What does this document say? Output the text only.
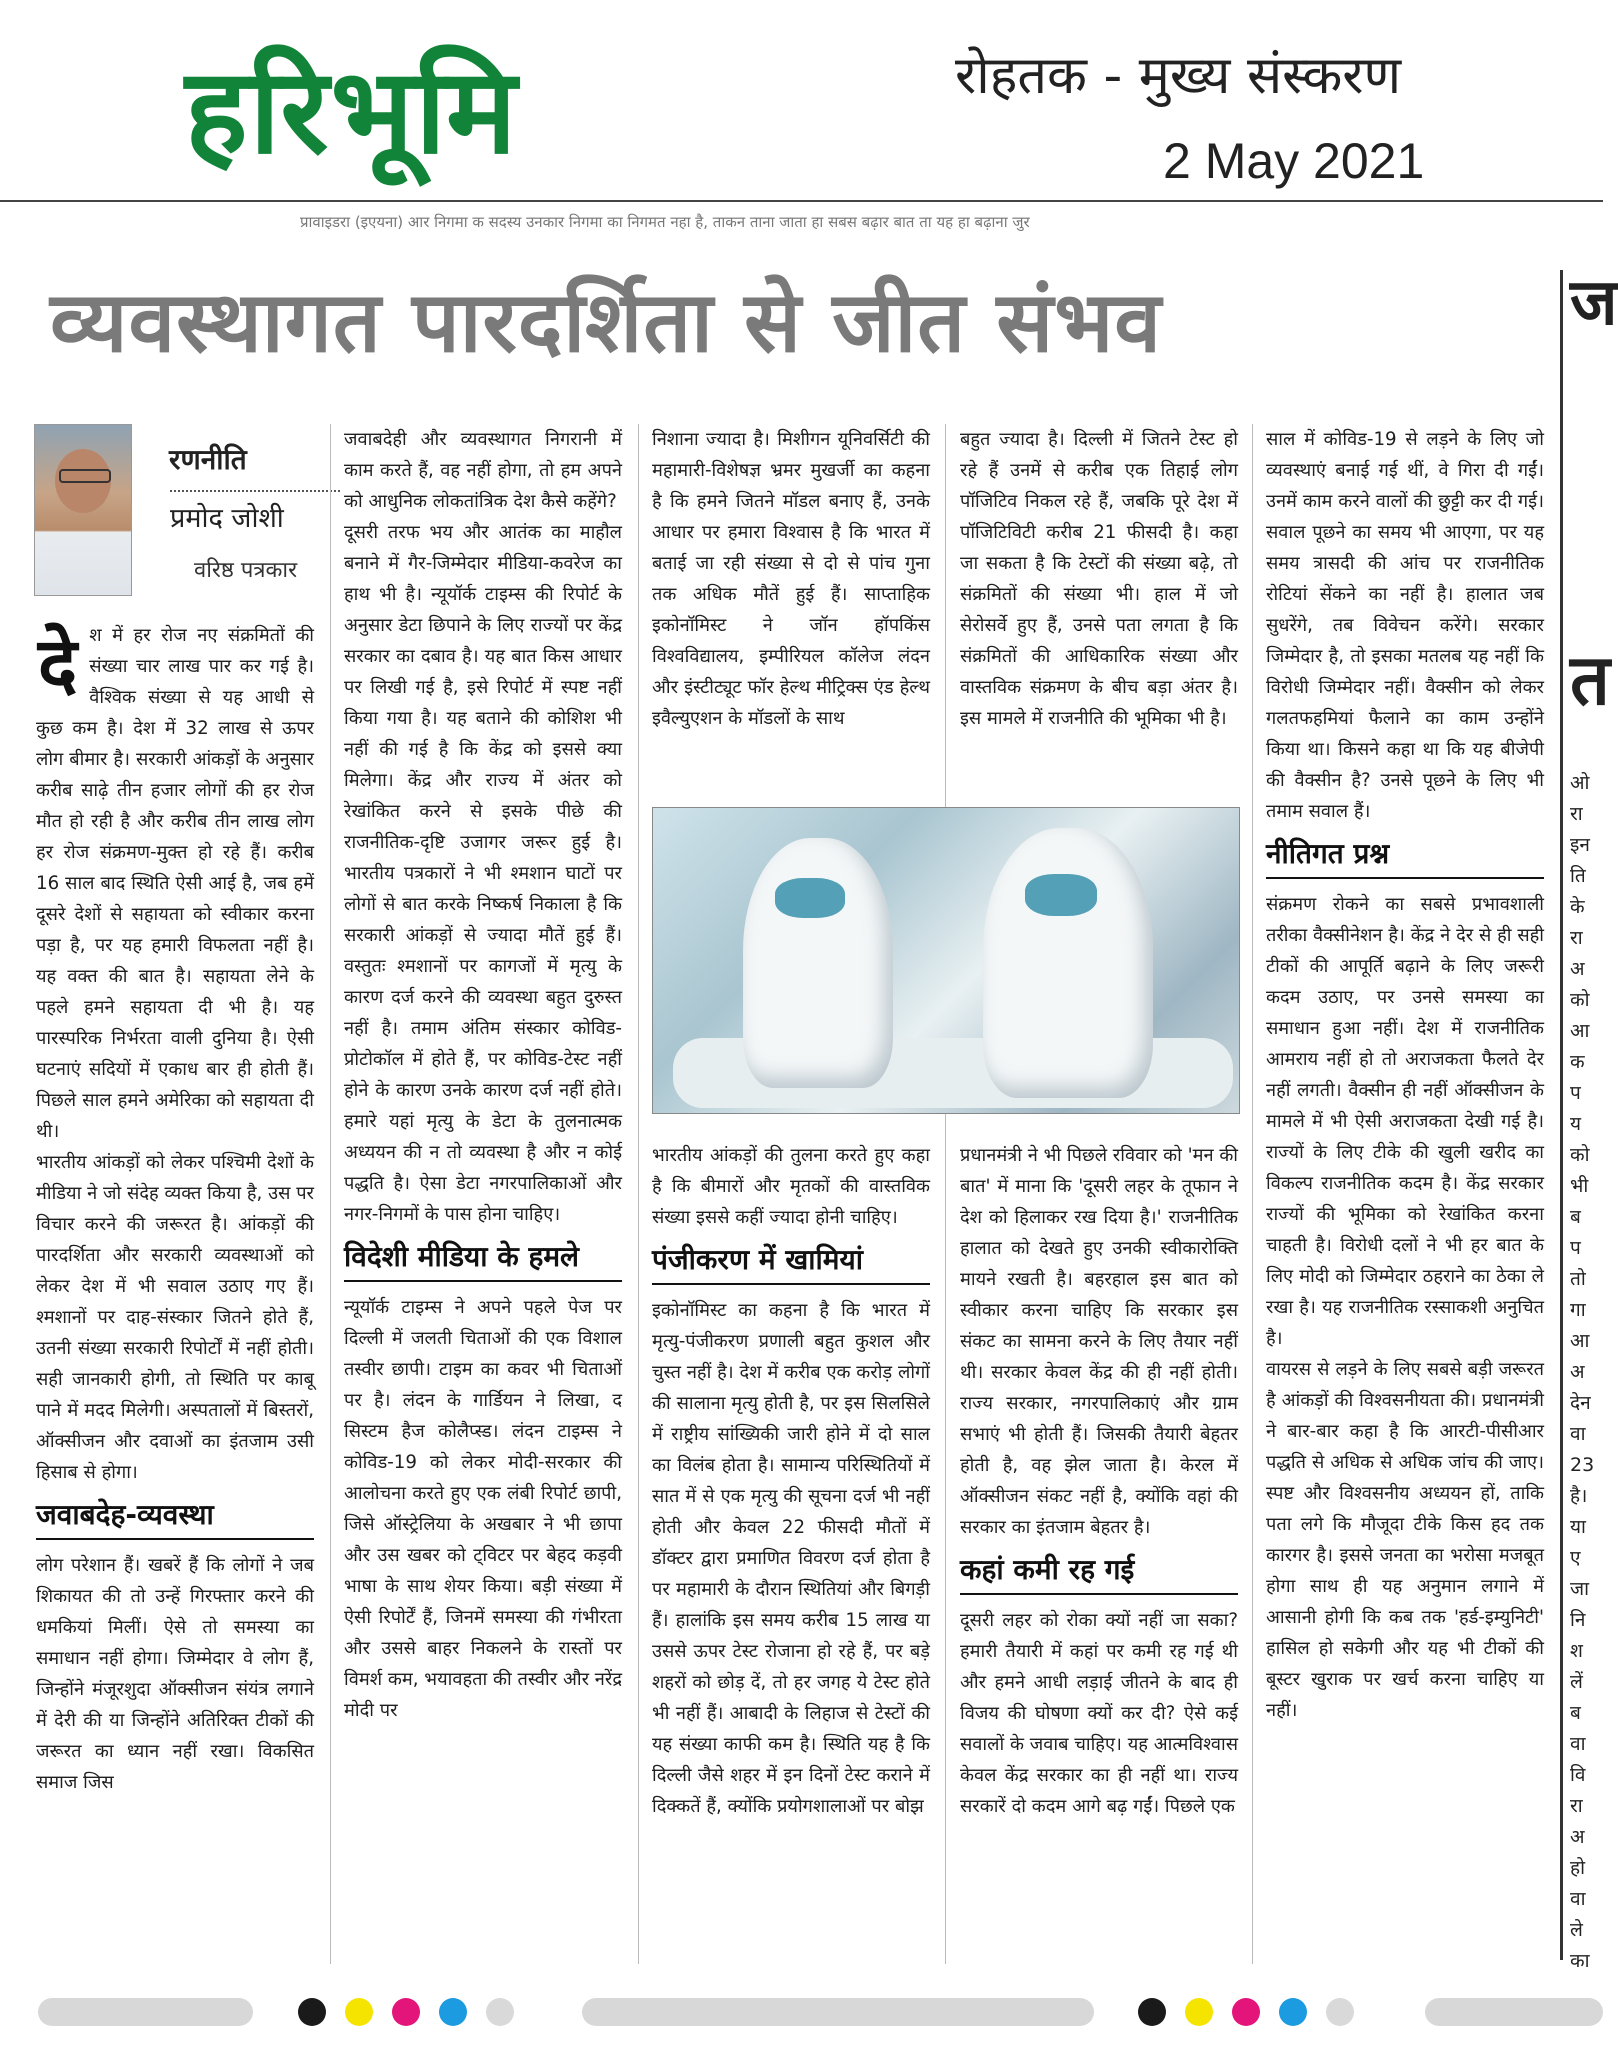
हरिभूमि	रोहतक - मुख्य संस्करण
2 May 2021
प्रावाइडरा (इएयना) आर निगमा क सदस्य उनकार निगमा का निगमत नहा है, ताकन ताना जाता हा सबस बढ़ार बात ता यह हा बढ़ाना जुर
व्यवस्थागत पारदर्शिता से जीत संभव
रणनीति
प्रमोद जोशी
वरिष्ठ पत्रकार

देश में हर रोज नए संक्रमितों की संख्या चार लाख पार कर गई है। वैश्विक संख्या से यह आधी से कुछ कम है। देश में 32 लाख से ऊपर लोग बीमार है। सरकारी आंकड़ों के अनुसार करीब साढ़े तीन हजार लोगों की हर रोज मौत हो रही है और करीब तीन लाख लोग हर रोज संक्रमण-मुक्त हो रहे हैं। करीब 16 साल बाद स्थिति ऐसी आई है, जब हमें दूसरे देशों से सहायता को स्वीकार करना पड़ा है, पर यह हमारी विफलता नहीं है। यह वक्त की बात है। सहायता लेने के पहले हमने सहायता दी भी है। यह पारस्परिक निर्भरता वाली दुनिया है। ऐसी घटनाएं सदियों में एकाध बार ही होती हैं। पिछले साल हमने अमेरिका को सहायता दी थी।

भारतीय आंकड़ों को लेकर पश्चिमी देशों के मीडिया ने जो संदेह व्यक्त किया है, उस पर विचार करने की जरूरत है। आंकड़ों की पारदर्शिता और सरकारी व्यवस्थाओं को लेकर देश में भी सवाल उठाए गए हैं। श्मशानों पर दाह-संस्कार जितने होते हैं, उतनी संख्या सरकारी रिपोर्टों में नहीं होती। सही जानकारी होगी, तो स्थिति पर काबू पाने में मदद मिलेगी। अस्पतालों में बिस्तरों, ऑक्सीजन और दवाओं का इंतजाम उसी हिसाब से होगा।

जवाबदेह-व्यवस्था

लोग परेशान हैं। खबरें हैं कि लोगों ने जब शिकायत की तो उन्हें गिरफ्तार करने की धमकियां मिलीं। ऐसे तो समस्या का समाधान नहीं होगा। जिम्मेदार वे लोग हैं, जिन्होंने मंजूरशुदा ऑक्सीजन संयंत्र लगाने में देरी की या जिन्होंने अतिरिक्त टीकों की जरूरत का ध्यान नहीं रखा। विकसित समाज जिस

जवाबदेही और व्यवस्थागत निगरानी में काम करते हैं, वह नहीं होगा, तो हम अपने को आधुनिक लोकतांत्रिक देश कैसे कहेंगे?

दूसरी तरफ भय और आतंक का माहौल बनाने में गैर-जिम्मेदार मीडिया-कवरेज का हाथ भी है। न्यूयॉर्क टाइम्स की रिपोर्ट के अनुसार डेटा छिपाने के लिए राज्यों पर केंद्र सरकार का दबाव है। यह बात किस आधार पर लिखी गई है, इसे रिपोर्ट में स्पष्ट नहीं किया गया है। यह बताने की कोशिश भी नहीं की गई है कि केंद्र को इससे क्या मिलेगा। केंद्र और राज्य में अंतर को रेखांकित करने से इसके पीछे की राजनीतिक-दृष्टि उजागर जरूर हुई है। भारतीय पत्रकारों ने भी श्मशान घाटों पर लोगों से बात करके निष्कर्ष निकाला है कि सरकारी आंकड़ों से ज्यादा मौतें हुई हैं। वस्तुतः श्मशानों पर कागजों में मृत्यु के कारण दर्ज करने की व्यवस्था बहुत दुरुस्त नहीं है। तमाम अंतिम संस्कार कोविड-प्रोटोकॉल में होते हैं, पर कोविड-टेस्ट नहीं होने के कारण उनके कारण दर्ज नहीं होते। हमारे यहां मृत्यु के डेटा के तुलनात्मक अध्ययन की न तो व्यवस्था है और न कोई पद्धति है। ऐसा डेटा नगरपालिकाओं और नगर-निगमों के पास होना चाहिए।

विदेशी मीडिया के हमले

न्यूयॉर्क टाइम्स ने अपने पहले पेज पर दिल्ली में जलती चिताओं की एक विशाल तस्वीर छापी। टाइम का कवर भी चिताओं पर है। लंदन के गार्डियन ने लिखा, द सिस्टम हैज कोलैप्स्ड। लंदन टाइम्स ने कोविड-19 को लेकर मोदी-सरकार की आलोचना करते हुए एक लंबी रिपोर्ट छापी, जिसे ऑस्ट्रेलिया के अखबार ने भी छापा और उस खबर को ट्विटर पर बेहद कड़वी भाषा के साथ शेयर किया। बड़ी संख्या में ऐसी रिपोर्टें हैं, जिनमें समस्या की गंभीरता और उससे बाहर निकलने के रास्तों पर विमर्श कम, भयावहता की तस्वीर और नरेंद्र मोदी पर

निशाना ज्यादा है। मिशीगन यूनिवर्सिटी की महामारी-विशेषज्ञ भ्रमर मुखर्जी का कहना है कि हमने जितने मॉडल बनाए हैं, उनके आधार पर हमारा विश्वास है कि भारत में बताई जा रही संख्या से दो से पांच गुना तक अधिक मौतें हुई हैं। साप्ताहिक इकोनॉमिस्ट ने जॉन हॉपकिंस विश्वविद्यालय, इम्पीरियल कॉलेज लंदन और इंस्टीट्यूट फॉर हेल्थ मीट्रिक्स एंड हेल्थ इवैल्युएशन के मॉडलों के साथ

बहुत ज्यादा है। दिल्ली में जितने टेस्ट हो रहे हैं उनमें से करीब एक तिहाई लोग पॉजिटिव निकल रहे हैं, जबकि पूरे देश में पॉजिटिविटी करीब 21 फीसदी है। कहा जा सकता है कि टेस्टों की संख्या बढ़े, तो संक्रमितों की संख्या भी। हाल में जो सेरोसर्वे हुए हैं, उनसे पता लगता है कि संक्रमितों की आधिकारिक संख्या और वास्तविक संक्रमण के बीच बड़ा अंतर है। इस मामले में राजनीति की भूमिका भी है।

भारतीय आंकड़ों की तुलना करते हुए कहा है कि बीमारों और मृतकों की वास्तविक संख्या इससे कहीं ज्यादा होनी चाहिए।

पंजीकरण में खामियां

इकोनॉमिस्ट का कहना है कि भारत में मृत्यु-पंजीकरण प्रणाली बहुत कुशल और चुस्त नहीं है। देश में करीब एक करोड़ लोगों की सालाना मृत्यु होती है, पर इस सिलसिले में राष्ट्रीय सांख्यिकी जारी होने में दो साल का विलंब होता है। सामान्य परिस्थितियों में सात में से एक मृत्यु की सूचना दर्ज भी नहीं होती और केवल 22 फीसदी मौतों में डॉक्टर द्वारा प्रमाणित विवरण दर्ज होता है पर महामारी के दौरान स्थितियां और बिगड़ी हैं। हालांकि इस समय करीब 15 लाख या उससे ऊपर टेस्ट रोजाना हो रहे हैं, पर बड़े शहरों को छोड़ दें, तो हर जगह ये टेस्ट होते भी नहीं हैं। आबादी के लिहाज से टेस्टों की यह संख्या काफी कम है। स्थिति यह है कि दिल्ली जैसे शहर में इन दिनों टेस्ट कराने में दिक्कतें हैं, क्योंकि प्रयोगशालाओं पर बोझ

प्रधानमंत्री ने भी पिछले रविवार को 'मन की बात' में माना कि 'दूसरी लहर के तूफान ने देश को हिलाकर रख दिया है।' राजनीतिक हालात को देखते हुए उनकी स्वीकारोक्ति मायने रखती है। बहरहाल इस बात को स्वीकार करना चाहिए कि सरकार इस संकट का सामना करने के लिए तैयार नहीं थी। सरकार केवल केंद्र की ही नहीं होती। राज्य सरकार, नगरपालिकाएं और ग्राम सभाएं भी होती हैं। जिसकी तैयारी बेहतर होती है, वह झेल जाता है। केरल में ऑक्सीजन संकट नहीं है, क्योंकि वहां की सरकार का इंतजाम बेहतर है।

कहां कमी रह गई

दूसरी लहर को रोका क्यों नहीं जा सका? हमारी तैयारी में कहां पर कमी रह गई थी और हमने आधी लड़ाई जीतने के बाद ही विजय की घोषणा क्यों कर दी? ऐसे कई सवालों के जवाब चाहिए। यह आत्मविश्वास केवल केंद्र सरकार का ही नहीं था। राज्य सरकारें दो कदम आगे बढ़ गईं। पिछले एक

साल में कोविड-19 से लड़ने के लिए जो व्यवस्थाएं बनाई गई थीं, वे गिरा दी गईं। उनमें काम करने वालों की छुट्टी कर दी गई। सवाल पूछने का समय भी आएगा, पर यह समय त्रासदी की आंच पर राजनीतिक रोटियां सेंकने का नहीं है। हालात जब सुधरेंगे, तब विवेचन करेंगे। सरकार जिम्मेदार है, तो इसका मतलब यह नहीं कि विरोधी जिम्मेदार नहीं। वैक्सीन को लेकर गलतफहमियां फैलाने का काम उन्होंने किया था। किसने कहा था कि यह बीजेपी की वैक्सीन है? उनसे पूछने के लिए भी तमाम सवाल हैं।

नीतिगत प्रश्न

संक्रमण रोकने का सबसे प्रभावशाली तरीका वैक्सीनेशन है। केंद्र ने देर से ही सही टीकों की आपूर्ति बढ़ाने के लिए जरूरी कदम उठाए, पर उनसे समस्या का समाधान हुआ नहीं। देश में राजनीतिक आमराय नहीं हो तो अराजकता फैलते देर नहीं लगती। वैक्सीन ही नहीं ऑक्सीजन के मामले में भी ऐसी अराजकता देखी गई है। राज्यों के लिए टीके की खुली खरीद का विकल्प राजनीतिक कदम है। केंद्र सरकार राज्यों की भूमिका को रेखांकित करना चाहती है। विरोधी दलों ने भी हर बात के लिए मोदी को जिम्मेदार ठहराने का ठेका ले रखा है। यह राजनीतिक रस्साकशी अनुचित है।

वायरस से लड़ने के लिए सबसे बड़ी जरूरत है आंकड़ों की विश्वसनीयता की। प्रधानमंत्री ने बार-बार कहा है कि आरटी-पीसीआर पद्धति से अधिक से अधिक जांच की जाए। स्पष्ट और विश्वसनीय अध्ययन हों, ताकि पता लगे कि मौजूदा टीके किस हद तक कारगर है। इससे जनता का भरोसा मजबूत होगा साथ ही यह अनुमान लगाने में आसानी होगी कि कब तक 'हर्ड-इम्युनिटी' हासिल हो सकेगी और यह भी टीकों की बूस्टर खुराक पर खर्च करना चाहिए या नहीं।

ज
त
ओ
रा
इन
ति
के
रा
अ
को
आ
क
प
य
को
भी
ब
प
तो
गा
आ
अ
देन
वा
23
है।
या
ए
जा
नि
श
लें
ब
वा
वि
रा
अ
हो
वा
ले
का
